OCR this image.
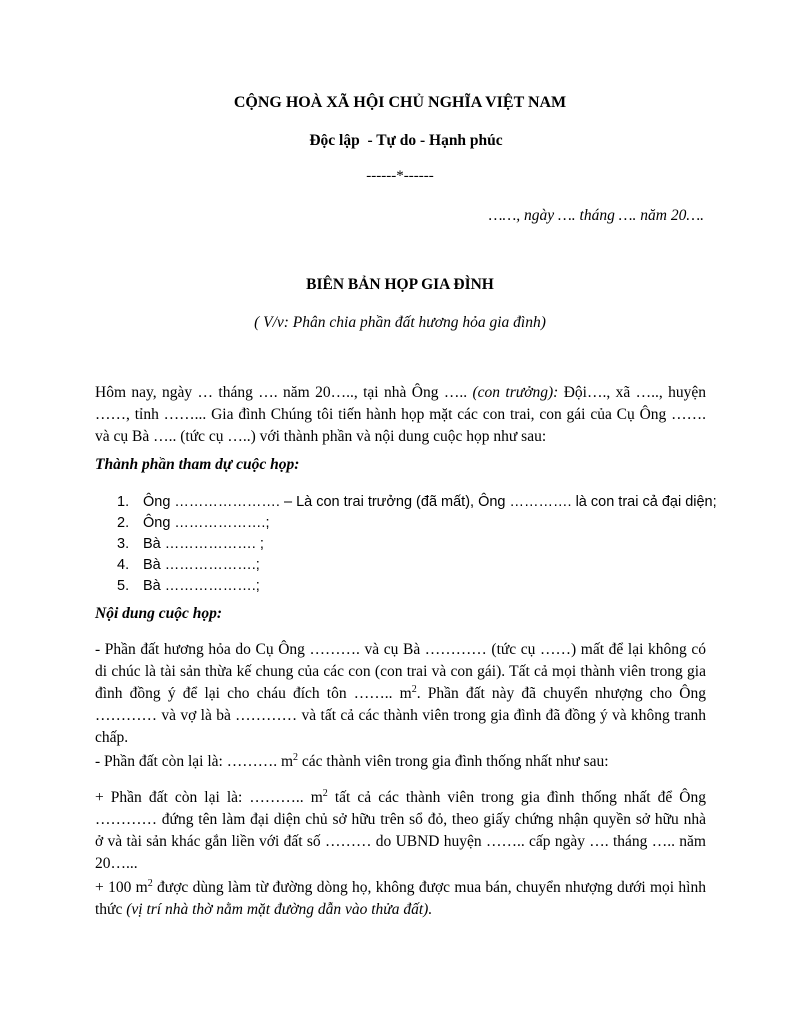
CỘNG HOÀ XÃ HỘI CHỦ NGHĨA VIỆT NAM
Độc lập  - Tự do - Hạnh phúc
------*------
……, ngày …. tháng …. năm 20….
BIÊN BẢN HỌP GIA ĐÌNH
( V/v: Phân chia phần đất hương hỏa gia đình)
Hôm nay, ngày … tháng …. năm 20….., tại nhà Ông ….. (con trưởng): Đội…., xã ….., huyện
……, tỉnh ……... Gia đình Chúng tôi tiến hành họp mặt các con trai, con gái của Cụ Ông …….
và cụ Bà ….. (tức cụ …..) với thành phần và nội dung cuộc họp như sau:
Thành phần tham dự cuộc họp:
1. Ông …………………. – Là con trai trưởng (đã mất), Ông …………. là con trai cả đại diện;
2. Ông ……………….;
3. Bà ………………. ;
4. Bà ……………….;
5. Bà ……………….;
Nội dung cuộc họp:
- Phần đất hương hỏa do Cụ Ông ………. và cụ Bà ………… (tức cụ ……) mất để lại không có
di chúc là tài sản thừa kế chung của các con (con trai và con gái). Tất cả mọi thành viên trong gia
đình đồng ý để lại cho cháu đích tôn …….. $m^2$. Phần đất này đã chuyển nhượng cho Ông
………… và vợ là bà ………… và tất cả các thành viên trong gia đình đã đồng ý và không tranh
chấp.
- Phần đất còn lại là: ………. $m^2$ các thành viên trong gia đình thống nhất như sau:
+ Phần đất còn lại là: ……….. $m^2$ tất cả các thành viên trong gia đình thống nhất để Ông
………… đứng tên làm đại diện chủ sở hữu trên sổ đỏ, theo giấy chứng nhận quyền sở hữu nhà
ở và tài sản khác gắn liền với đất số ……… do UBND huyện …….. cấp ngày …. tháng ….. năm
20…...
+ 100 $m^2$ được dùng làm từ đường dòng họ, không được mua bán, chuyển nhượng dưới mọi hình
thức (vị trí nhà thờ nằm mặt đường dẫn vào thửa đất).
